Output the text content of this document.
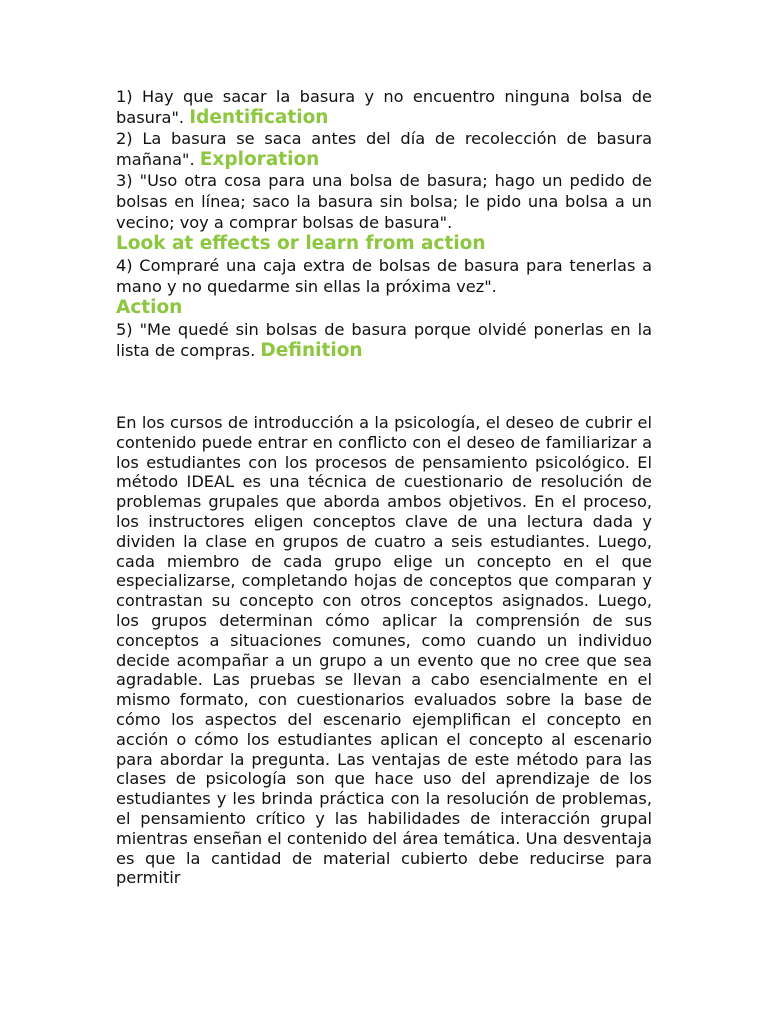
1) Hay que sacar la basura y no encuentro ninguna bolsa de basura". Identification

2) La basura se saca antes del día de recolección de basura mañana". Exploration

3) "Uso otra cosa para una bolsa de basura; hago un pedido de bolsas en línea; saco la basura sin bolsa; le pido una bolsa a un vecino; voy a comprar bolsas de basura".
Look at effects or learn from action

4) Compraré una caja extra de bolsas de basura para tenerlas a mano y no quedarme sin ellas la próxima vez".
Action

5) "Me quedé sin bolsas de basura porque olvidé ponerlas en la lista de compras. Definition

En los cursos de introducción a la psicología, el deseo de cubrir el contenido puede entrar en conflicto con el deseo de familiarizar a los estudiantes con los procesos de pensamiento psicológico. El método IDEAL es una técnica de cuestionario de resolución de problemas grupales que aborda ambos objetivos. En el proceso, los instructores eligen conceptos clave de una lectura dada y dividen la clase en grupos de cuatro a seis estudiantes. Luego, cada miembro de cada grupo elige un concepto en el que especializarse, completando hojas de conceptos que comparan y contrastan su concepto con otros conceptos asignados. Luego, los grupos determinan cómo aplicar la comprensión de sus conceptos a situaciones comunes, como cuando un individuo decide acompañar a un grupo a un evento que no cree que sea agradable. Las pruebas se llevan a cabo esencialmente en el mismo formato, con cuestionarios evaluados sobre la base de cómo los aspectos del escenario ejemplifican el concepto en acción o cómo los estudiantes aplican el concepto al escenario para abordar la pregunta. Las ventajas de este método para las clases de psicología son que hace uso del aprendizaje de los estudiantes y les brinda práctica con la resolución de problemas, el pensamiento crítico y las habilidades de interacción grupal mientras enseñan el contenido del área temática. Una desventaja es que la cantidad de material cubierto debe reducirse para permitir
